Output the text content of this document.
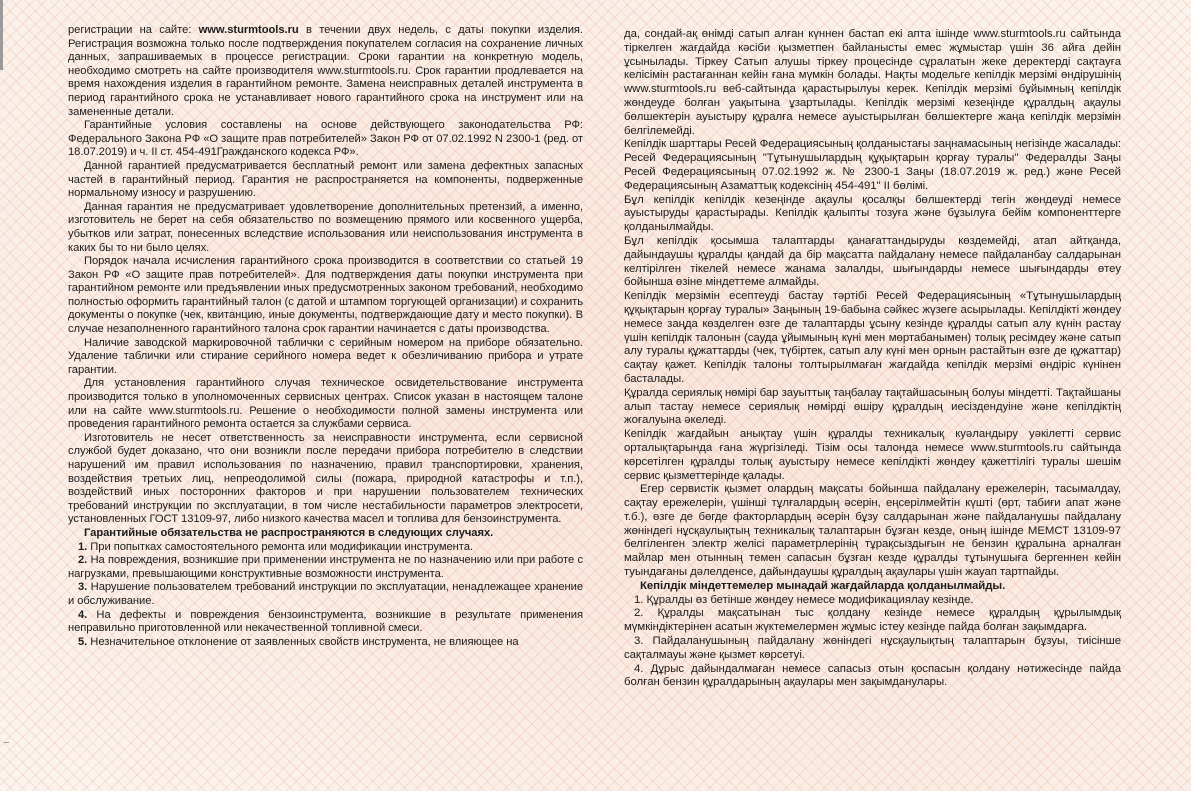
регистрации на сайте: www.sturmtools.ru в течении двух недель, с даты покупки изделия. Регистрация возможна только после подтверждения покупателем согласия на сохранение личных данных, запрашиваемых в процессе регистрации. Сроки гарантии на конкретную модель, необходимо смотреть на сайте производителя www.sturmtools.ru. Срок гарантии продлевается на время нахождения изделия в гарантийном ремонте. Замена неисправных деталей инструмента в период гарантийного срока не устанавливает нового гарантийного срока на инструмент или на замененные детали.

Гарантийные условия составлены на основе действующего законодательства РФ: Федерального Закона РФ «О защите прав потребителей» Закон РФ от 07.02.1992 N 2300-1 (ред. от 18.07.2019) и ч. II ст. 454-491Гражданского кодекса РФ».

Данной гарантией предусматривается бесплатный ремонт или замена дефектных запасных частей в гарантийный период. Гарантия не распространяется на компоненты, подверженные нормальному износу и разрушению.

Данная гарантия не предусматривает удовлетворение дополнительных претензий, а именно, изготовитель не берет на себя обязательство по возмещению прямого или косвенного ущерба, убытков или затрат, понесенных вследствие использования или неиспользования инструмента в каких бы то ни было целях.

Порядок начала исчисления гарантийного срока производится в соответствии со статьей 19 Закон РФ «О защите прав потребителей». Для подтверждения даты покупки инструмента при гарантийном ремонте или предъявлении иных предусмотренных законом требований, необходимо полностью оформить гарантийный талон (с датой и штампом торгующей организации) и сохранить документы о покупке (чек, квитанцию, иные документы, подтверждающие дату и место покупки). В случае незаполненного гарантийного талона срок гарантии начинается с даты производства.

Наличие заводской маркировочной таблички с серийным номером на приборе обязательно. Удаление таблички или стирание серийного номера ведет к обезличиванию прибора и утрате гарантии.

Для установления гарантийного случая техническое освидетельствование инструмента производится только в уполномоченных сервисных центрах. Список указан в настоящем талоне или на сайте www.sturmtools.ru. Решение о необходимости полной замены инструмента или проведения гарантийного ремонта остается за службами сервиса.

Изготовитель не несет ответственность за неисправности инструмента, если сервисной службой будет доказано, что они возникли после передачи прибора потребителю в следствии нарушений им правил использования по назначению, правил транспортировки, хранения, воздействия третьих лиц, непреодолимой силы (пожара, природной катастрофы и т.п.), воздействий иных посторонних факторов и при нарушении пользователем технических требований инструкции по эксплуатации, в том числе нестабильности параметров электросети, установленных ГОСТ 13109-97, либо низкого качества масел и топлива для бензоинструмента.

Гарантийные обязательства не распространяются в следующих случаях.

1. При попытках самостоятельного ремонта или модификации инструмента.

2. На повреждения, возникшие при применении инструмента не по назначению или при работе с нагрузками, превышающими конструктивные возможности инструмента.

3. Нарушение пользователем требований инструкции по эксплуатации, ненадлежащее хранение и обслуживание.

4. На дефекты и повреждения бензоинструмента, возникшие в результате применения неправильно приготовленной или некачественной топливной смеси.

5. Незначительное отклонение от заявленных свойств инструмента, не влияющее на

да, сондай-ақ өнімді сатып алған күннен бастап екі апта ішінде www.sturmtools.ru сайтында тіркелген жағдайда кәсіби қызметпен байланысты емес жұмыстар үшін 36 айға дейін ұсынылады. Тіркеу Сатып алушы тіркеу процесінде сұралатын жеке деректерді сақтауға келісімін растағаннан кейін ғана мүмкін болады. Нақты модельге кепілдік мерзімі өндірушінің www.sturmtools.ru веб-сайтында қарастырылуы керек. Кепілдік мерзімі бұйымның кепілдік жөндеуде болған уақытына ұзартылады. Кепілдік мерзімі кезеңінде құралдың ақаулы бөлшектерін ауыстыру құралға немесе ауыстырылған бөлшектерге жаңа кепілдік мерзімін белгілемейді.

Кепілдік шарттары Ресей Федерациясының қолданыстағы заңнамасының негізінде жасалады: Ресей Федерациясының "Тұтынушылардың құқықтарын қорғау туралы" Федералды Заңы Ресей Федерациясының 07.02.1992 ж. № 2300-1 Заңы (18.07.2019 ж. ред.) және Ресей Федерациясының Азаматтық кодексінің 454-491" II бөлімі.

Бұл кепілдік кепілдік кезеңінде ақаулы қосалқы бөлшектерді тегін жөндеуді немесе ауыстыруды қарастырады. Кепілдік қалыпты тозуға және бұзылуға бейім компоненттерге қолданылмайды.

Бұл кепілдік қосымша талаптарды қанағаттандыруды көздемейді, атап айтқанда, дайындаушы құралды қандай да бір мақсатта пайдалану немесе пайдаланбау салдарынан келтірілген тікелей немесе жанама залалды, шығындарды немесе шығындарды өтеу бойынша өзіне міндеттеме алмайды.

Кепілдік мерзімін есептеуді бастау тәртібі Ресей Федерациясының «Тұтынушылардың құқықтарын қорғау туралы» Заңының 19-бабына сәйкес жүзеге асырылады. Кепілдікті жөндеу немесе заңда көзделген өзге де талаптарды ұсыну кезінде құралды сатып алу күнін растау үшін кепілдік талонын (сауда ұйымының күні мен мөртабанымен) толық ресімдеу және сатып алу туралы құжаттарды (чек, түбіртек, сатып алу күні мен орнын растайтын өзге де құжаттар) сақтау қажет. Кепілдік талоны толтырылмаған жағдайда кепілдік мерзімі өндіріс күнінен басталады.

Құралда сериялық нөмірі бар зауыттық таңбалау тақтайшасының болуы міндетті. Тақтайшаны алып тастау немесе сериялық нөмірді өшіру құралдың иесіздендуіне және кепілдіктің жоғалуына әкеледі.

Кепілдік жағдайын анықтау үшін құралды техникалық куәландыру уәкілетті сервис орталықтарында ғана жүргізіледі. Тізім осы талонда немесе www.sturmtools.ru сайтында көрсетілген құралды толық ауыстыру немесе кепілдікті жөндеу қажеттілігі туралы шешім сервис қызметтерінде қалады.

Егер сервистік қызмет олардың мақсаты бойынша пайдалану ережелерін, тасымалдау, сақтау ережелерін, үшінші тұлғалардың әсерін, еңсерілмейтін күшті (өрт, табиғи апат және т.б.), өзге де бөгде факторлардың әсерін бұзу салдарынан және пайдаланушы пайдалану жөніндегі нұсқаулықтың техникалық талаптарын бұзған кезде, оның ішінде МЕМСТ 13109-97 белгіленген электр желісі параметрлерінің тұрақсыздығын не бензин құралына арналған майлар мен отынның темен сапасын бұзған кезде құралды тұтынушыға бергеннен кейін туындағаны дәлелденсе, дайындаушы құралдың ақаулары үшін жауап тартпайды.

Кепілдік міндеттемелер мынадай жағдайларда қолданылмайды.

1. Құралды өз бетінше жөндеу немесе модификациялау кезінде.

2. Құралды мақсатынан тыс қолдану кезінде немесе құралдың құрылымдық мүмкіндіктерінен асатын жүктемелермен жұмыс істеу кезінде пайда болған зақымдарға.

3. Пайдаланушының пайдалану жөніндегі нұсқаулықтың талаптарын бұзуы, тиісінше сақталмауы және қызмет көрсетуі.

4. Дұрыс дайындалмаған немесе сапасыз отын қоспасын қолдану нәтижесінде пайда болған бензин құралдарының ақаулары мен зақымданулары.
